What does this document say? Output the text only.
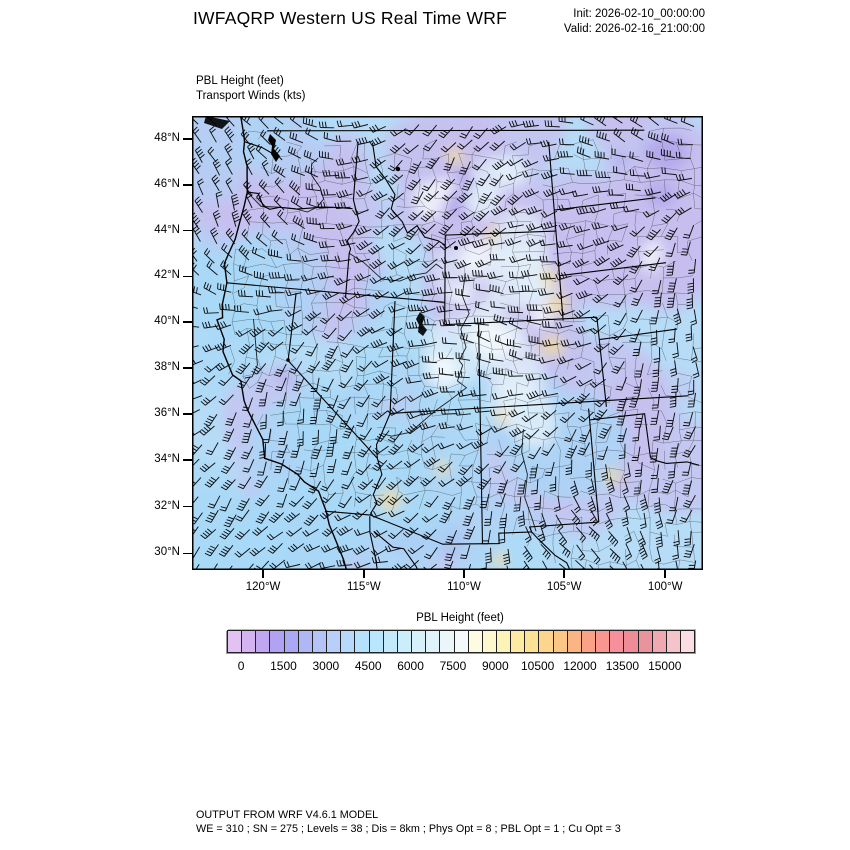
IWFAQRP Western US Real Time WRF	Init: 2026-02-10_00:00:00
Valid: 2026-02-16_21:00:00
PBL Height (feet)
Transport Winds (kts)
48°N
46°N
44°N
42°N
40°N
38°N
36°N
34°N
32°N
30°N
120°W	115°W	110°W	105°W	100°W
PBL Height (feet)
0	1500	3000	4500	6000	7500	9000	10500 12000 13500 15000
OUTPUT FROM WRF V4.6.1 MODEL
WE = 310 ; SN = 275 ; Levels = 38 ; Dis = 8km ; Phys Opt = 8 ; PBL Opt = 1 ; Cu Opt = 3
